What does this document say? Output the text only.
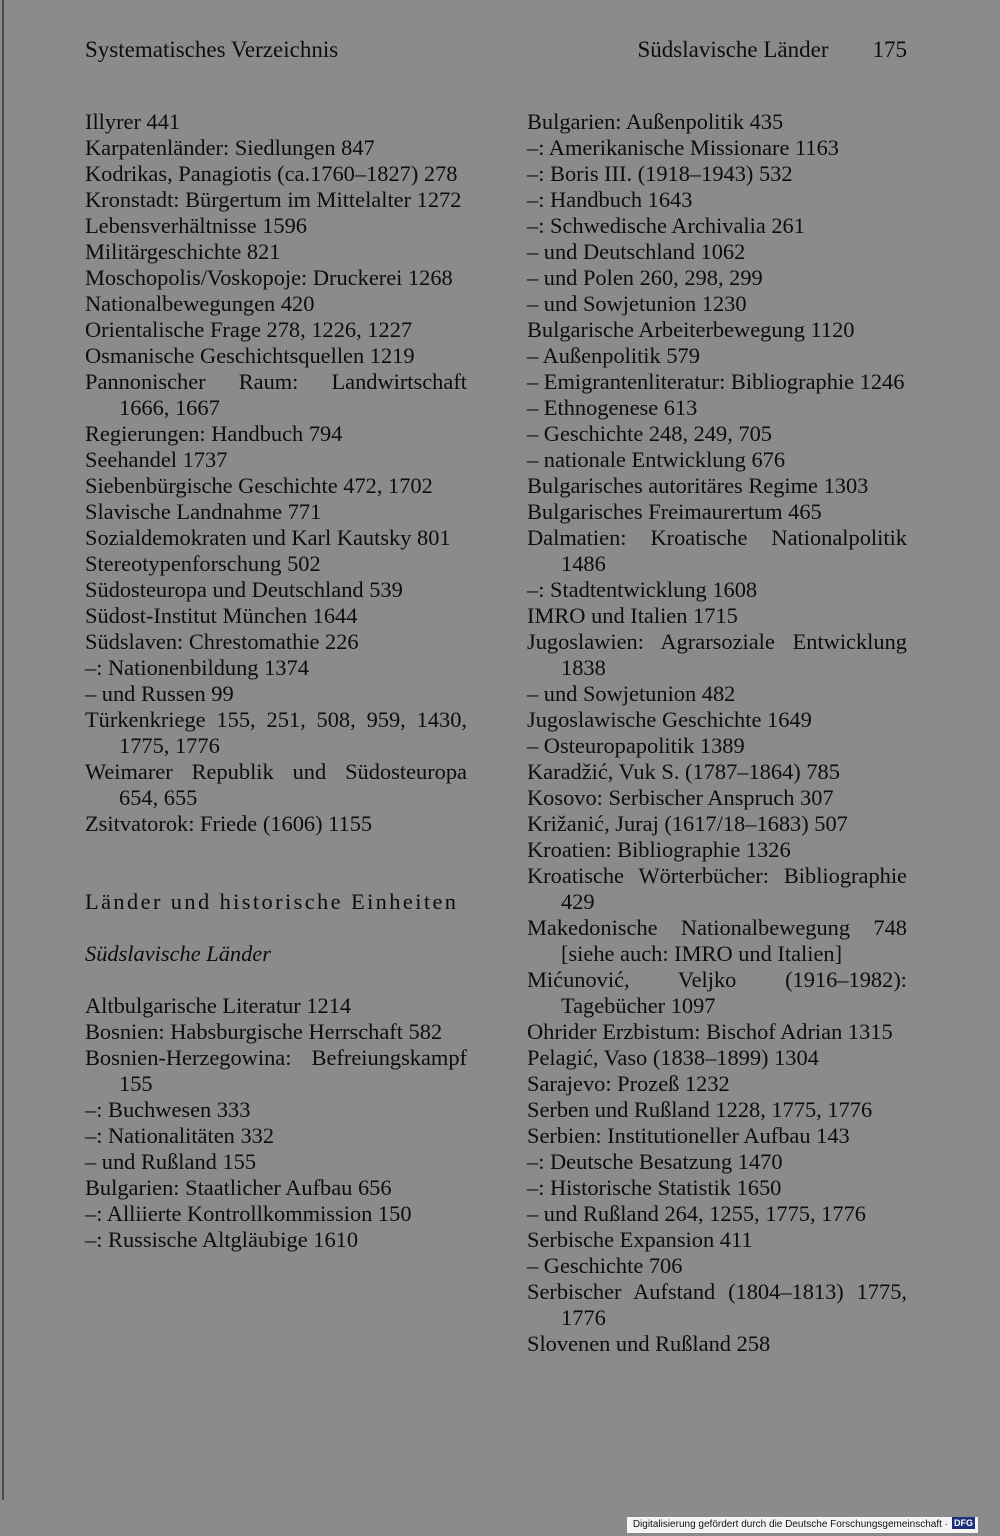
Systematisches Verzeichnis	Südslavische Länder 175
Illyrer 441
Karpatenländer: Siedlungen 847
Kodrikas, Panagiotis (ca.1760–1827) 278
Kronstadt: Bürgertum im Mittelalter 1272
Lebensverhältnisse 1596
Militärgeschichte 821
Moschopolis/Voskopoje: Druckerei 1268
Nationalbewegungen 420
Orientalische Frage 278, 1226, 1227
Osmanische Geschichtsquellen 1219
Pannonischer Raum: Landwirtschaft 1666, 1667
Regierungen: Handbuch 794
Seehandel 1737
Siebenbürgische Geschichte 472, 1702
Slavische Landnahme 771
Sozialdemokraten und Karl Kautsky 801
Stereotypenforschung 502
Südosteuropa und Deutschland 539
Südost-Institut München 1644
Südslaven: Chrestomathie 226
–: Nationenbildung 1374
– und Russen 99
Türkenkriege 155, 251, 508, 959, 1430, 1775, 1776
Weimarer Republik und Südosteuropa 654, 655
Zsitvatorok: Friede (1606) 1155
Länder und historische Einheiten
Südslavische Länder
Altbulgarische Literatur 1214
Bosnien: Habsburgische Herrschaft 582
Bosnien-Herzegowina: Befreiungskampf 155
–: Buchwesen 333
–: Nationalitäten 332
– und Rußland 155
Bulgarien: Staatlicher Aufbau 656
–: Alliierte Kontrollkommission 150
–: Russische Altgläubige 1610
Bulgarien: Außenpolitik 435
–: Amerikanische Missionare 1163
–: Boris III. (1918–1943) 532
–: Handbuch 1643
–: Schwedische Archivalia 261
– und Deutschland 1062
– und Polen 260, 298, 299
– und Sowjetunion 1230
Bulgarische Arbeiterbewegung 1120
– Außenpolitik 579
– Emigrantenliteratur: Bibliographie 1246
– Ethnogenese 613
– Geschichte 248, 249, 705
– nationale Entwicklung 676
Bulgarisches autoritäres Regime 1303
Bulgarisches Freimaurertum 465
Dalmatien: Kroatische Nationalpolitik 1486
–: Stadtentwicklung 1608
IMRO und Italien 1715
Jugoslawien: Agrarsoziale Entwicklung 1838
– und Sowjetunion 482
Jugoslawische Geschichte 1649
– Osteuropapolitik 1389
Karadžić, Vuk S. (1787–1864) 785
Kosovo: Serbischer Anspruch 307
Križanić, Juraj (1617/18–1683) 507
Kroatien: Bibliographie 1326
Kroatische Wörterbücher: Bibliographie 429
Makedonische Nationalbewegung 748 [siehe auch: IMRO und Italien]
Mićunović, Veljko (1916–1982): Tagebücher 1097
Ohrider Erzbistum: Bischof Adrian 1315
Pelagić, Vaso (1838–1899) 1304
Sarajevo: Prozeß 1232
Serben und Rußland 1228, 1775, 1776
Serbien: Institutioneller Aufbau 143
–: Deutsche Besatzung 1470
–: Historische Statistik 1650
– und Rußland 264, 1255, 1775, 1776
Serbische Expansion 411
– Geschichte 706
Serbischer Aufstand (1804–1813) 1775, 1776
Slovenen und Rußland 258
Digitalisierung gefördert durch die Deutsche Forschungsgemeinschaft · DFG
